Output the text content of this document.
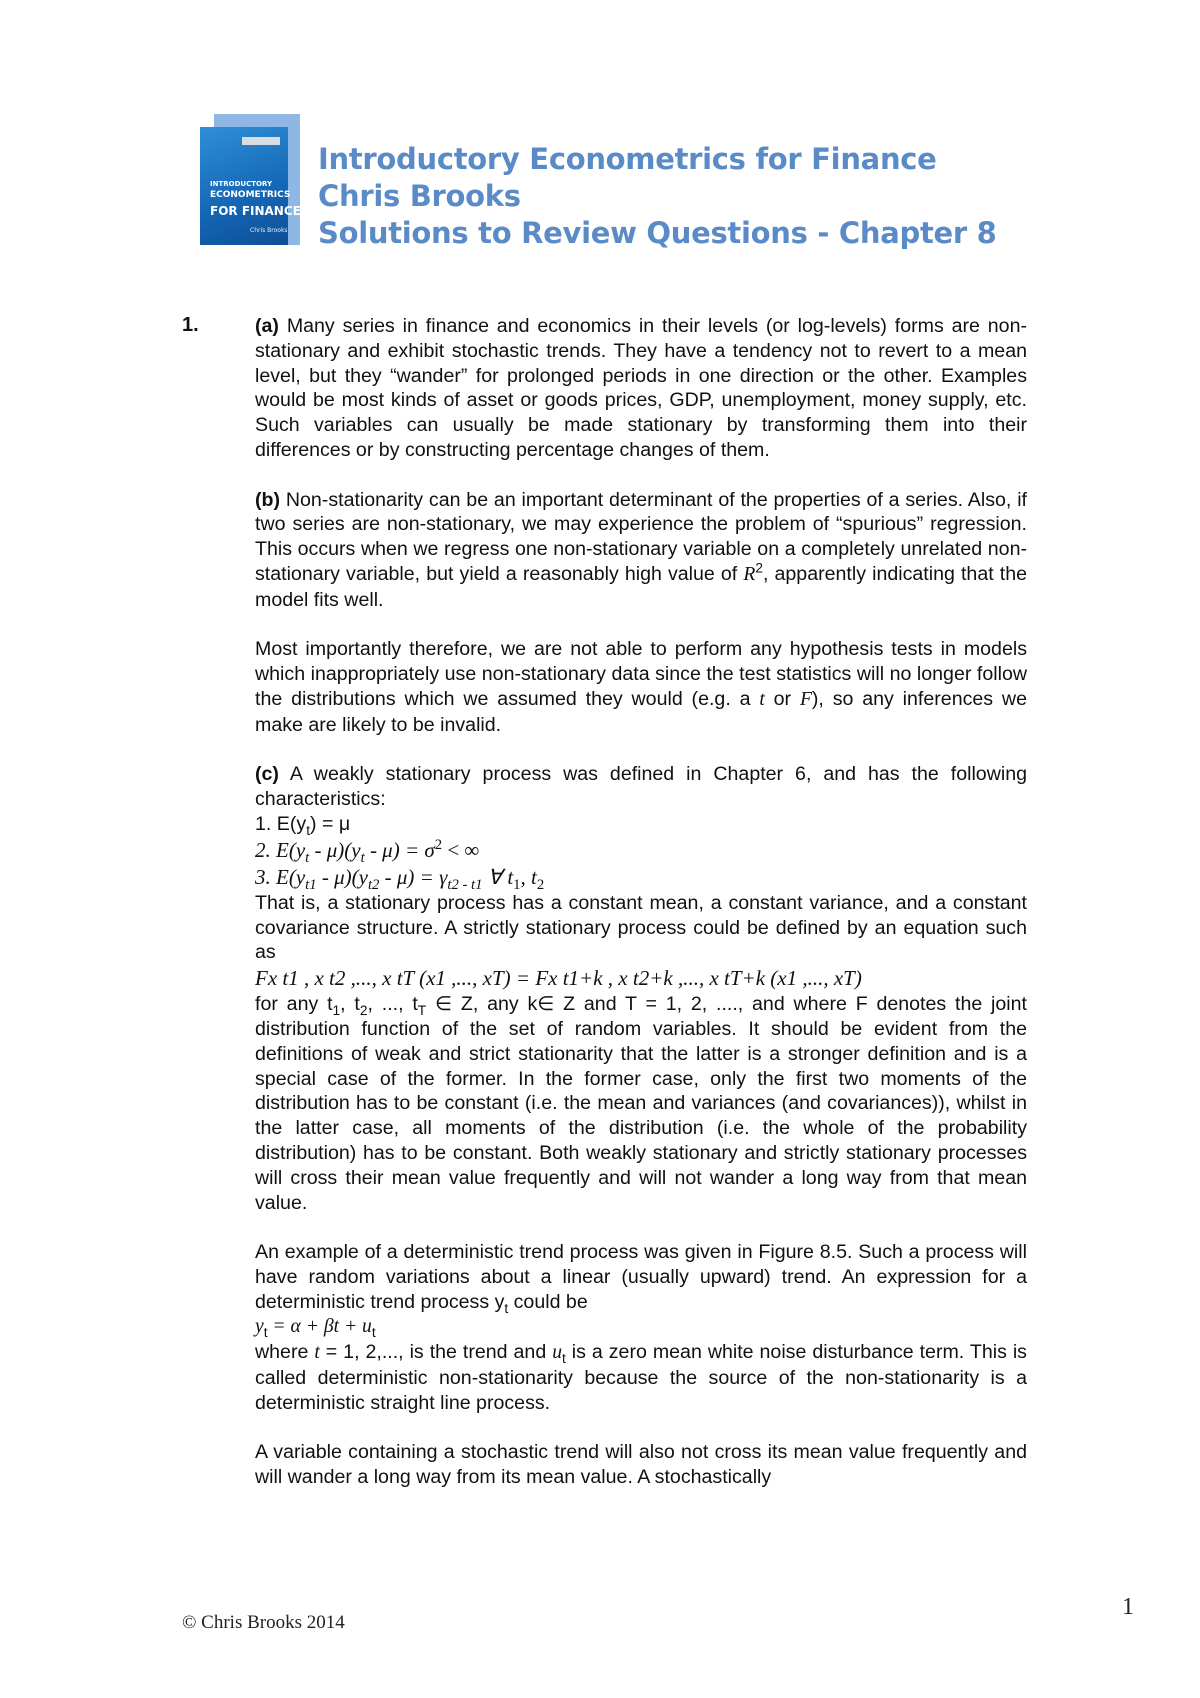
INTRODUCTORY
ECONOMETRICS
FOR FINANCE
Chris Brooks
Introductory Econometrics for Finance
Chris Brooks
Solutions to Review Questions - Chapter 8
1.	(a) Many series in finance and economics in their levels (or log-levels) forms are non-stationary and exhibit stochastic trends. They have a tendency not to revert to a mean level, but they “wander” for prolonged periods in one direction or the other. Examples would be most kinds of asset or goods prices, GDP, unemployment, money supply, etc. Such variables can usually be made stationary by transforming them into their differences or by constructing percentage changes of them.

(b) Non-stationarity can be an important determinant of the properties of a series. Also, if two series are non-stationary, we may experience the problem of “spurious” regression. This occurs when we regress one non-stationary variable on a completely unrelated non-stationary variable, but yield a reasonably high value of $R^2$, apparently indicating that the model fits well.

Most importantly therefore, we are not able to perform any hypothesis tests in models which inappropriately use non-stationary data since the test statistics will no longer follow the distributions which we assumed they would (e.g. a t or F), so any inferences we make are likely to be invalid.

(c) A weakly stationary process was defined in Chapter 6, and has the following characteristics:

1. $E(y_t) = \mu$
2. $E(y_t - \mu)(y_t - \mu) = \sigma^2$ < ∞
3. $E(y_{t1} - \mu)(y_{t2} - \mu) = \gamma_{t2 - t1}$ ∀ $t_1$, $t_2$

That is, a stationary process has a constant mean, a constant variance, and a constant covariance structure. A strictly stationary process could be defined by an equation such as

Fx t1 , x t2 ,..., x tT (x1 ,..., xT) = Fx t1+k , x t2+k ,..., x tT+k (x1 ,..., xT)

for any $t_1$, $t_2$, ..., $t_T$ ∈ Z, any k∈ Z and T = 1, 2, ...., and where F denotes the joint distribution function of the set of random variables. It should be evident from the definitions of weak and strict stationarity that the latter is a stronger definition and is a special case of the former. In the former case, only the first two moments of the distribution has to be constant (i.e. the mean and variances (and covariances)), whilst in the latter case, all moments of the distribution (i.e. the whole of the probability distribution) has to be constant. Both weakly stationary and strictly stationary processes will cross their mean value frequently and will not wander a long way from that mean value.

An example of a deterministic trend process was given in Figure 8.5. Such a process will have random variations about a linear (usually upward) trend. An expression for a deterministic trend process $y_t$ could be

$y_t = \alpha + \beta t + u_t$

where t = 1, 2,..., is the trend and $u_t$ is a zero mean white noise disturbance term. This is called deterministic non-stationarity because the source of the non-stationarity is a deterministic straight line process.

A variable containing a stochastic trend will also not cross its mean value frequently and will wander a long way from its mean value. A stochastically

© Chris Brooks 2014
1
